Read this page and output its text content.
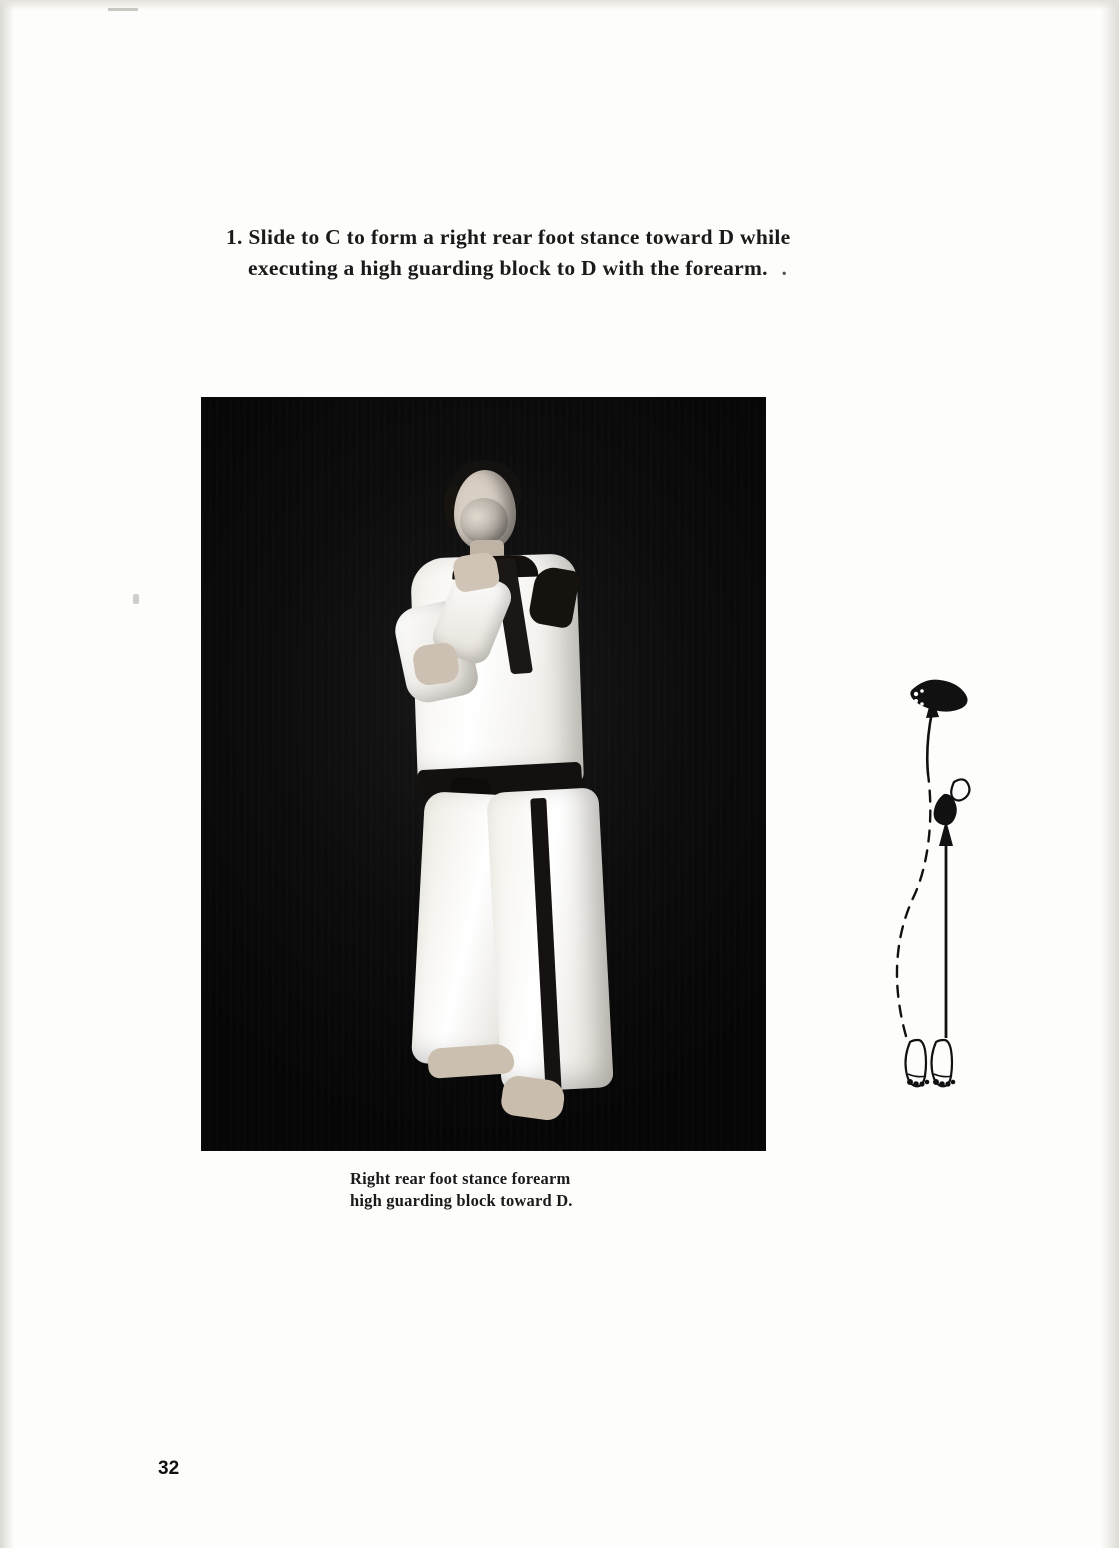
1. Slide to C to form a right rear foot stance toward D while
executing a high guarding block to D with the forearm. .
Right rear foot stance forearm
high guarding block toward D.
32
